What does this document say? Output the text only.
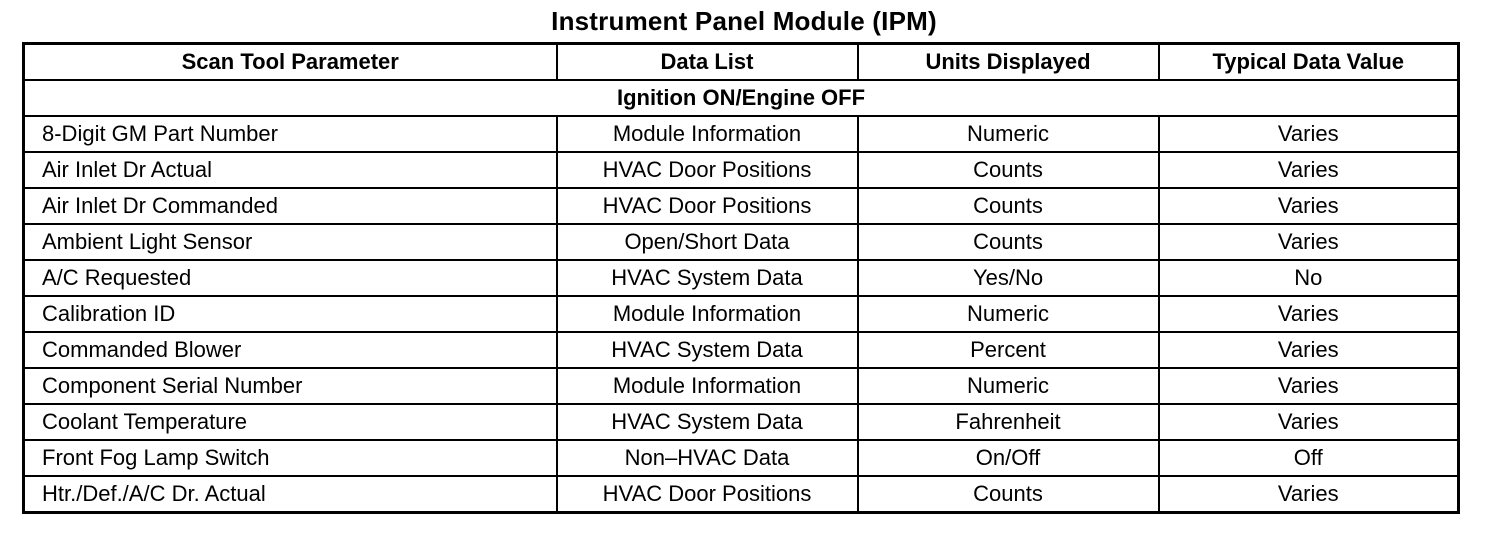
Instrument Panel Module (IPM)
Scan Tool Parameter	Data List	Units Displayed	Typical Data Value
Ignition ON/Engine OFF			
8-Digit GM Part Number	Module Information	Numeric	Varies
Air Inlet Dr Actual	HVAC Door Positions	Counts	Varies
Air Inlet Dr Commanded	HVAC Door Positions	Counts	Varies
Ambient Light Sensor	Open/Short Data	Counts	Varies
A/C Requested	HVAC System Data	Yes/No	No
Calibration ID	Module Information	Numeric	Varies
Commanded Blower	HVAC System Data	Percent	Varies
Component Serial Number	Module Information	Numeric	Varies
Coolant Temperature	HVAC System Data	Fahrenheit	Varies
Front Fog Lamp Switch	Non–HVAC Data	On/Off	Off
Htr./Def./A/C Dr. Actual	HVAC Door Positions	Counts	Varies
